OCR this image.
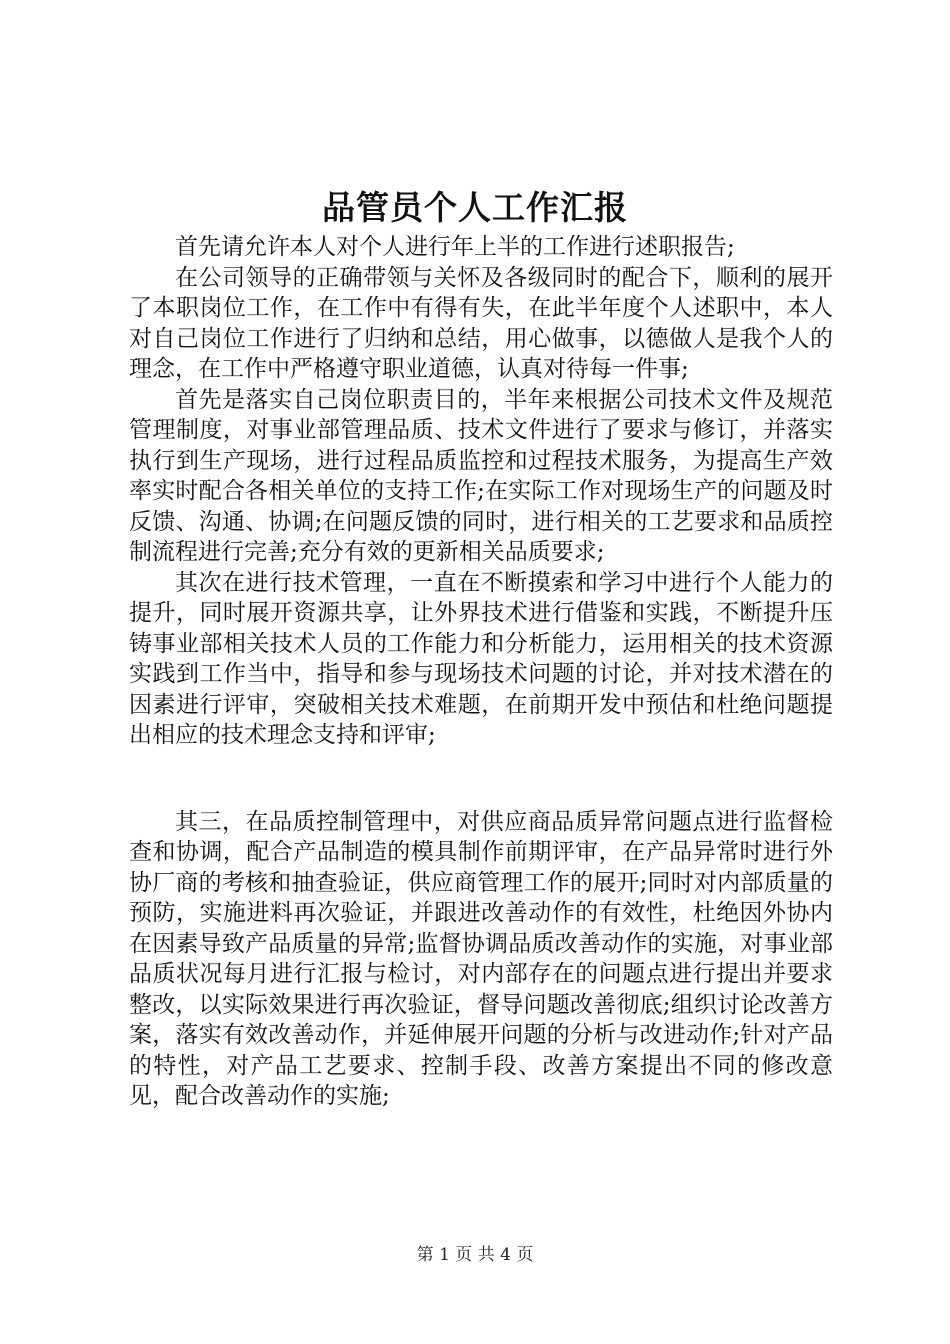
品管员个人工作汇报

首先请允许本人对个人进行年上半的工作进行述职报告;

在公司领导的正确带领与关怀及各级同时的配合下，顺利的展开了本职岗位工作，在工作中有得有失，在此半年度个人述职中，本人对自己岗位工作进行了归纳和总结，用心做事，以德做人是我个人的理念，在工作中严格遵守职业道德，认真对待每一件事;

首先是落实自己岗位职责目的，半年来根据公司技术文件及规范管理制度，对事业部管理品质、技术文件进行了要求与修订，并落实执行到生产现场，进行过程品质监控和过程技术服务，为提高生产效率实时配合各相关单位的支持工作;在实际工作对现场生产的问题及时反馈、沟通、协调;在问题反馈的同时，进行相关的工艺要求和品质控制流程进行完善;充分有效的更新相关品质要求;

其次在进行技术管理，一直在不断摸索和学习中进行个人能力的提升，同时展开资源共享，让外界技术进行借鉴和实践，不断提升压铸事业部相关技术人员的工作能力和分析能力，运用相关的技术资源实践到工作当中，指导和参与现场技术问题的讨论，并对技术潜在的因素进行评审，突破相关技术难题，在前期开发中预估和杜绝问题提出相应的技术理念支持和评审;

其三，在品质控制管理中，对供应商品质异常问题点进行监督检查和协调，配合产品制造的模具制作前期评审，在产品异常时进行外协厂商的考核和抽查验证，供应商管理工作的展开;同时对内部质量的预防，实施进料再次验证，并跟进改善动作的有效性，杜绝因外协内在因素导致产品质量的异常;监督协调品质改善动作的实施，对事业部品质状况每月进行汇报与检讨，对内部存在的问题点进行提出并要求整改，以实际效果进行再次验证，督导问题改善彻底;组织讨论改善方案，落实有效改善动作，并延伸展开问题的分析与改进动作;针对产品的特性，对产品工艺要求、控制手段、改善方案提出不同的修改意见，配合改善动作的实施;

第 1 页 共 4 页
